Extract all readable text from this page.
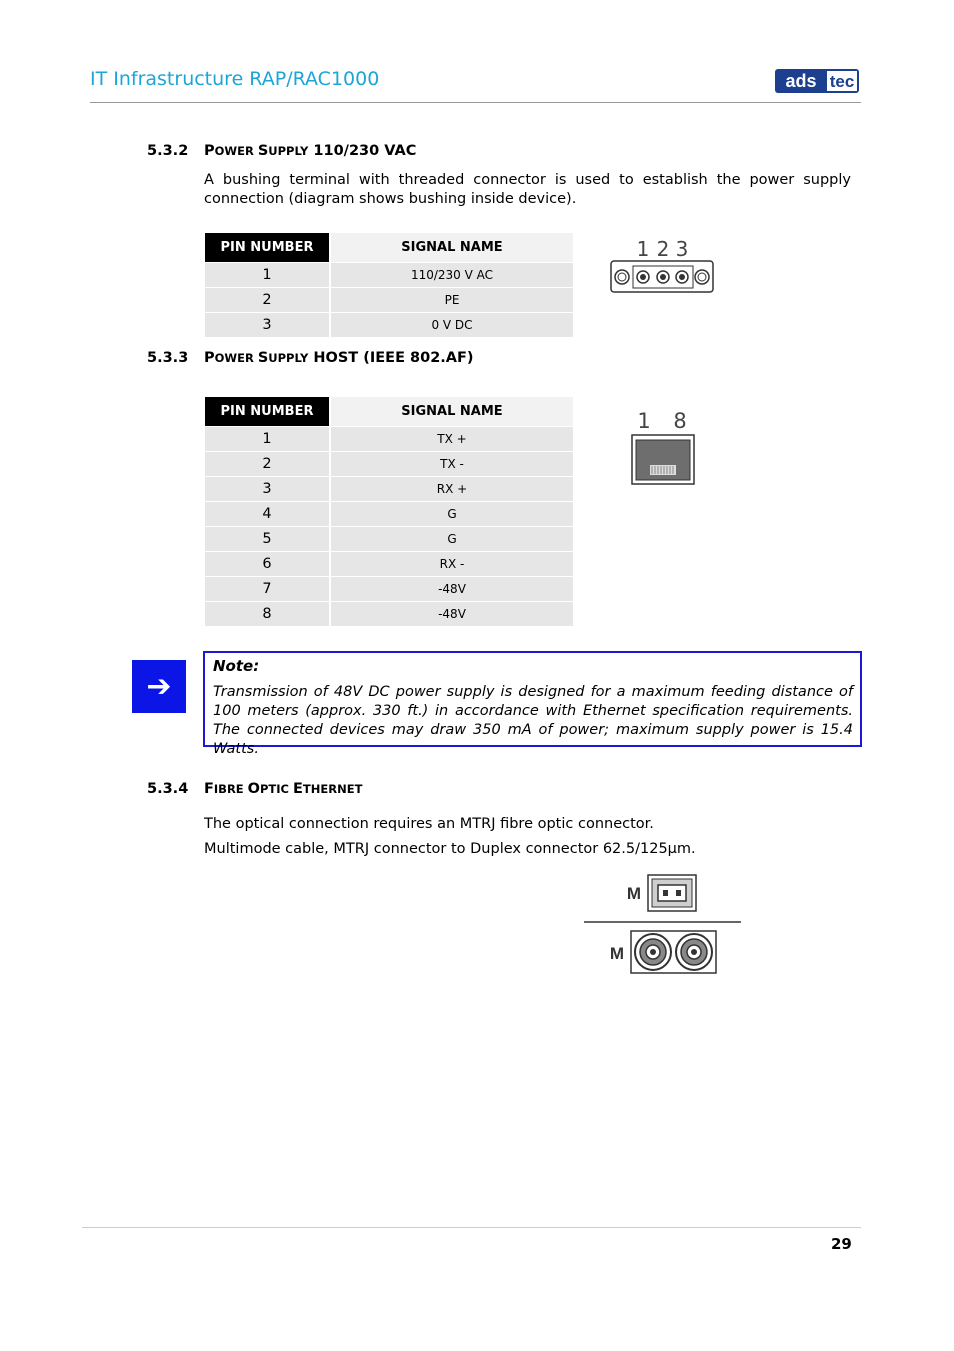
IT Infrastructure RAP/RAC1000	ads tec
5.3.2 POWER SUPPLY 110/230 VAC
A bushing terminal with threaded connector is used to establish the power supply
connection (diagram shows bushing inside device).
PIN NUMBER	SIGNAL NAME
1	110/230 V AC
2	PE
3	0 V DC
1 2 3
5.3.3 POWER SUPPLY HOST (IEEE 802.AF)
PIN NUMBER	SIGNAL NAME
1	TX +
2	TX -
3	RX +
4	G
5	G
6	RX -
7	-48V
8	-48V
1 8
➔
Note:
Transmission of 48V DC power supply is designed for a maximum feeding distance of 100 meters (approx. 330 ft.) in accordance with Ethernet specification requirements. The connected devices may draw 350 mA of power; maximum supply power is 15.4 Watts.
5.3.4 FIBRE OPTIC ETHERNET
The optical connection requires an MTRJ fibre optic connector.
Multimode cable, MTRJ connector to Duplex connector 62.5/125µm.
M
M
29
